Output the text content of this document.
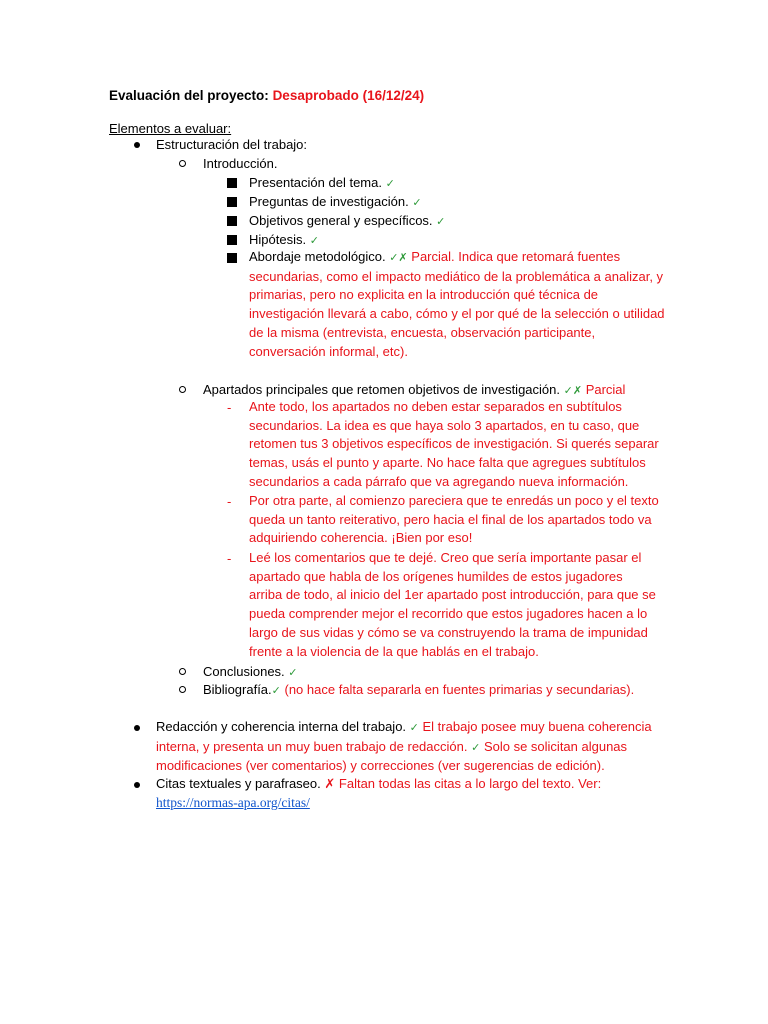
Evaluación del proyecto: Desaprobado (16/12/24)
Elementos a evaluar:
Estructuración del trabajo:
Introducción.
Presentación del tema. ✓
Preguntas de investigación. ✓
Objetivos general y específicos. ✓
Hipótesis. ✓
Abordaje metodológico. ✓✗ Parcial. Indica que retomará fuentes secundarias, como el impacto mediático de la problemática a analizar, y primarias, pero no explicita en la introducción qué técnica de investigación llevará a cabo, cómo y el por qué de la selección o utilidad de la misma (entrevista, encuesta, observación participante, conversación informal, etc).
Apartados principales que retomen objetivos de investigación. ✓✗ Parcial
- Ante todo, los apartados no deben estar separados en subtítulos secundarios. La idea es que haya solo 3 apartados, en tu caso, que retomen tus 3 objetivos específicos de investigación. Si querés separar temas, usás el punto y aparte. No hace falta que agregues subtítulos secundarios a cada párrafo que va agregando nueva información.
- Por otra parte, al comienzo pareciera que te enredás un poco y el texto queda un tanto reiterativo, pero hacia el final de los apartados todo va adquiriendo coherencia. ¡Bien por eso!
- Leé los comentarios que te dejé. Creo que sería importante pasar el apartado que habla de los orígenes humildes de estos jugadores arriba de todo, al inicio del 1er apartado post introducción, para que se pueda comprender mejor el recorrido que estos jugadores hacen a lo largo de sus vidas y cómo se va construyendo la trama de impunidad frente a la violencia de la que hablás en el trabajo.
Conclusiones. ✓
Bibliografía.✓ (no hace falta separarla en fuentes primarias y secundarias).
Redacción y coherencia interna del trabajo. ✓ El trabajo posee muy buena coherencia interna, y presenta un muy buen trabajo de redacción. ✓ Solo se solicitan algunas modificaciones (ver comentarios) y correcciones (ver sugerencias de edición).
Citas textuales y parafraseo. ✗ Faltan todas las citas a lo largo del texto. Ver:
https://normas-apa.org/citas/
